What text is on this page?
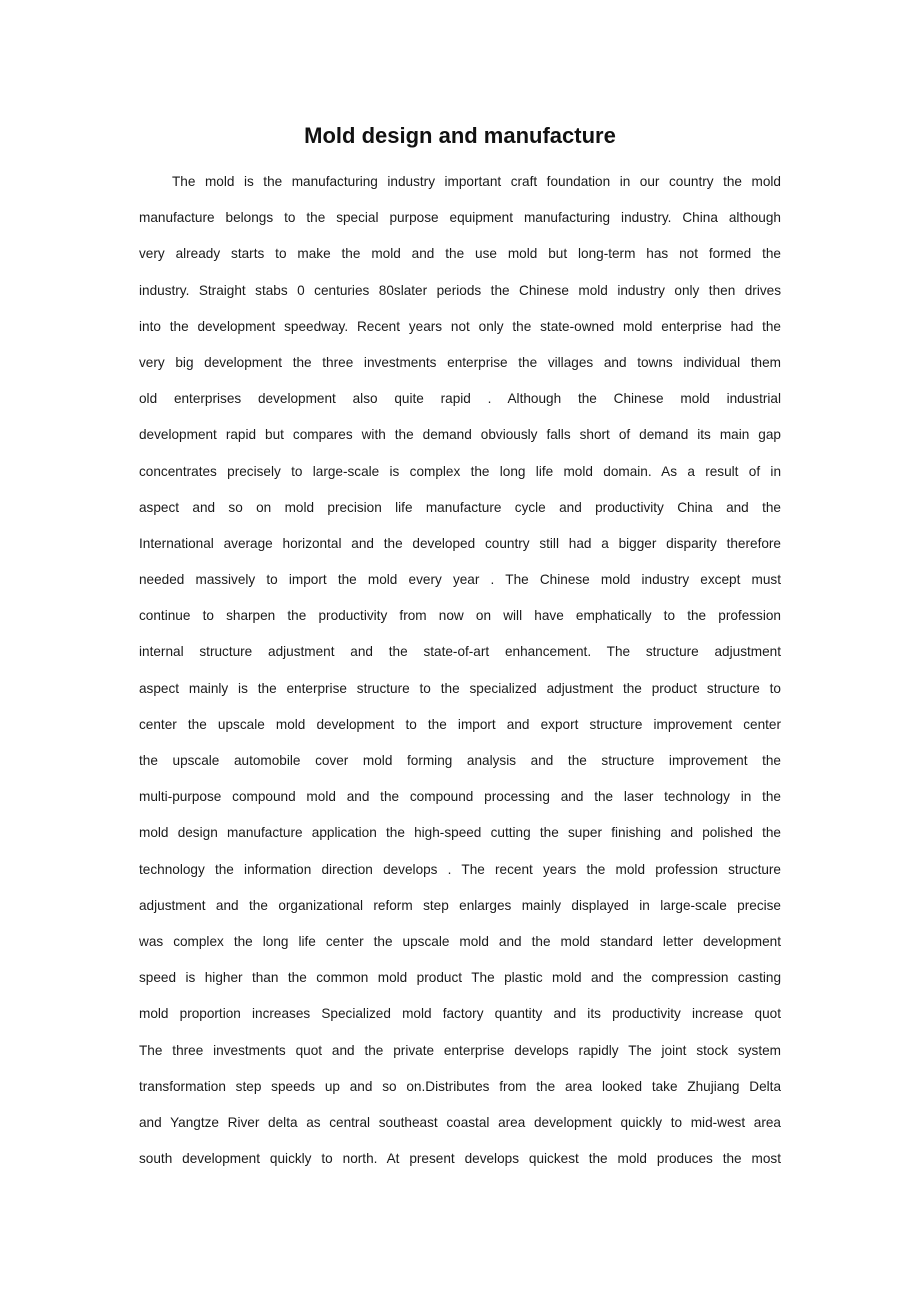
Mold design and manufacture
The mold is the manufacturing industry important craft foundation in our country the mold
manufacture belongs to the special purpose equipment manufacturing industry. China although
very already starts to make the mold and the use mold but long-term has not formed the
industry. Straight stabs 0 centuries 80slater periods the Chinese mold industry only then drives
into the development speedway. Recent years not only the state-owned mold enterprise had the
very big development the three investments enterprise the villages and towns individual them
old enterprises development also quite rapid . Although the Chinese mold industrial
development rapid but compares with the demand obviously falls short of demand its main gap
concentrates precisely to large-scale is complex the long life mold domain. As a result of in
aspect and so on mold precision life manufacture cycle and productivity China and the
International average horizontal and the developed country still had a bigger disparity therefore
needed massively to import the mold every year . The Chinese mold industry except must
continue to sharpen the productivity from now on will have emphatically to the profession
internal structure adjustment and the state-of-art enhancement. The structure adjustment
aspect mainly is the enterprise structure to the specialized adjustment the product structure to
center the upscale mold development to the import and export structure improvement center
the upscale automobile cover mold forming analysis and the structure improvement the
multi-purpose compound mold and the compound processing and the laser technology in the
mold design manufacture application the high-speed cutting the super finishing and polished the
technology the information direction develops . The recent years the mold profession structure
adjustment and the organizational reform step enlarges mainly displayed in large-scale precise
was complex the long life center the upscale mold and the mold standard letter development
speed is higher than the common mold product The plastic mold and the compression casting
mold proportion increases Specialized mold factory quantity and its productivity increase quot
The three investments quot and the private enterprise develops rapidly The joint stock system
transformation step speeds up and so on.Distributes from the area looked take Zhujiang Delta
and Yangtze River delta as central southeast coastal area development quickly to mid-west area
south development quickly to north. At present develops quickest the mold produces the most
